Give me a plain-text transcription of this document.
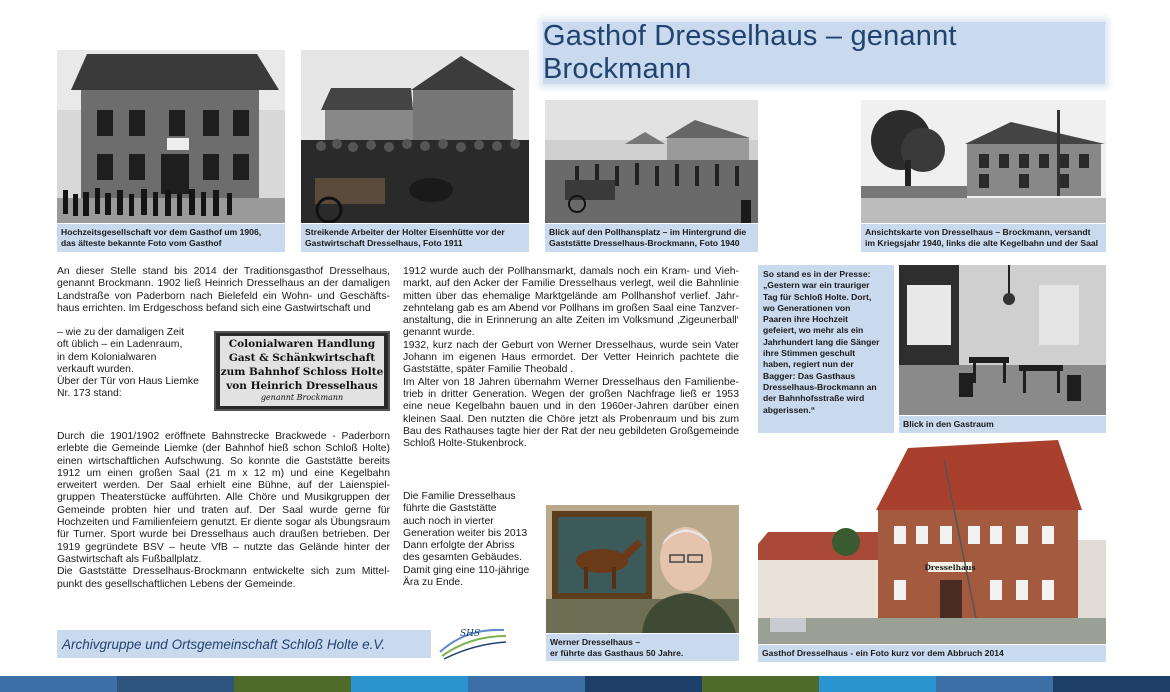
Gasthof Dresselhaus – genannt Brockmann
Hochzeitsgesellschaft vor dem Gasthof um 1906,
das älteste bekannte Foto vom Gasthof
Streikende Arbeiter der Holter Eisenhütte vor der
Gastwirtschaft Dresselhaus, Foto 1911
Blick auf den Pollhansplatz – im Hintergrund die
Gaststätte Dresselhaus-Brockmann, Foto 1940
Ansichtskarte von Dresselhaus – Brockmann, versandt
im Kriegsjahr 1940, links die alte Kegelbahn und der Saal

An dieser Stelle stand bis 2014 der Traditionsgasthof Dresselhaus, genannt Brockmann. 1902 ließ Heinrich Dresselhaus an der damaligen Landstraße von Paderborn nach Bielefeld ein Wohn- und Geschäftshaus errichten. Im Erdgeschoss befand sich eine Gastwirtschaft und

– wie zu der damaligen Zeit
oft üblich – ein Ladenraum,
in dem Kolonialwaren
verkauft wurden.
Über der Tür von Haus Liemke
Nr. 173 stand:
Colonialwaren Handlung
Gast & Schänkwirtschaft
zum Bahnhof Schloss Holte
von Heinrich Dresselhaus
genannt Brockmann

Durch die 1901/1902 eröffnete Bahnstrecke Brackwede - Paderborn erlebte die Gemeinde Liemke (der Bahnhof hieß schon Schloß Holte) einen wirtschaftlichen Aufschwung. So konnte die Gaststätte bereits 1912 um einen großen Saal (21 m x 12 m) und eine Kegelbahn erweitert werden. Der Saal erhielt eine Bühne, auf der Laienspielgruppen Theaterstücke aufführten. Alle Chöre und Musikgruppen der Gemeinde probten hier und traten auf. Der Saal wurde gerne für Hochzeiten und Familienfeiern genutzt. Er diente sogar als Übungsraum für Turner. Sport wurde bei Dresselhaus auch draußen betrieben. Der 1919 gegründete BSV – heute VfB – nutzte das Gelände hinter der Gastwirtschaft als Fußballplatz.

Die Gaststätte Dresselhaus-Brockmann entwickelte sich zum Mittelpunkt des gesellschaftlichen Lebens der Gemeinde.

1912 wurde auch der Pollhansmarkt, damals noch ein Kram- und Viehmarkt, auf den Acker der Familie Dresselhaus verlegt, weil die Bahnlinie mitten über das ehemalige Marktgelände am Pollhanshof verlief. Jahrzehntelang gab es am Abend vor Pollhans im großen Saal eine Tanzveranstaltung, die in Erinnerung an alte Zeiten im Volksmund ‚Zigeunerball‘ genannt wurde.

1932, kurz nach der Geburt von Werner Dresselhaus, wurde sein Vater Johann im eigenen Haus ermordet. Der Vetter Heinrich pachtete die Gaststätte, später Familie Theobald .

Im Alter von 18 Jahren übernahm Werner Dresselhaus den Familienbetrieb in dritter Generation. Wegen der großen Nachfrage ließ er 1953 eine neue Kegelbahn bauen und in den 1960er-Jahren darüber einen kleinen Saal. Den nutzten die Chöre jetzt als Probenraum und bis zum Bau des Rathauses tagte hier der Rat der neu gebildeten Großgemeinde Schloß Holte-Stukenbrock.

Die Familie Dresselhaus
führte die Gaststätte
auch noch in vierter
Generation weiter bis 2013
Dann erfolgte der Abriss
des gesamten Gebäudes.
Damit ging eine 110-jährige
Ära zu Ende.
Werner Dresselhaus –
er führte das Gasthaus 50 Jahre.
So stand es in der Presse:
„Gestern war ein trauriger
Tag für Schloß Holte. Dort,
wo Generationen von
Paaren ihre Hochzeit
gefeiert, wo mehr als ein
Jahrhundert lang die Sänger
ihre Stimmen geschult
haben, regiert nun der
Bagger: Das Gasthaus
Dresselhaus-Brockmann an
der Bahnhofsstraße wird
abgerissen.“
Blick in den Gastraum
Dresselhaus
Gasthof Dresselhaus - ein Foto kurz vor dem Abbruch 2014
Archivgruppe und Ortsgemeinschaft Schloß Holte e.V.
SHS
